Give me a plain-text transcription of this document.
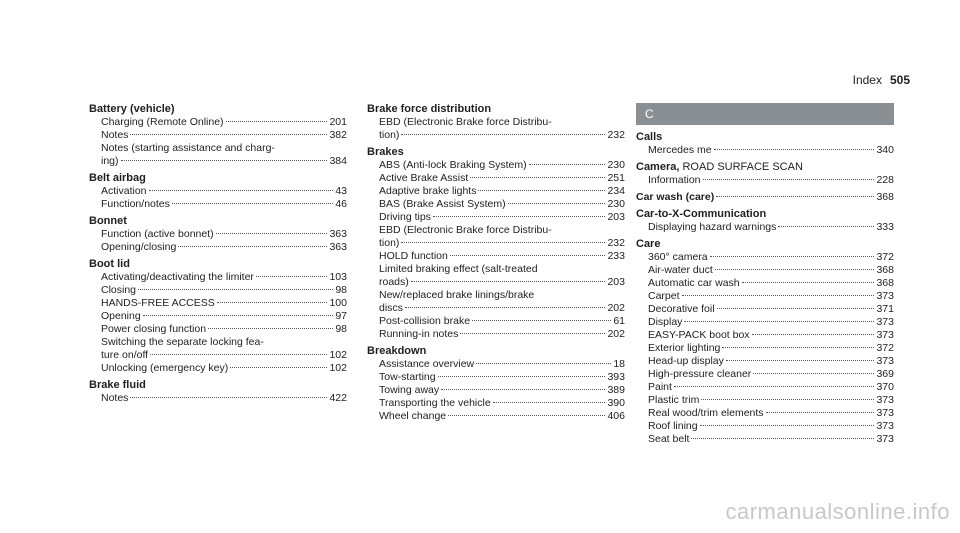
Index 505
Battery (vehicle)
Charging (Remote Online)	201
Notes	382
Notes (starting assistance and charg-
ing)	384
Belt airbag
Activation	43
Function/notes	46
Bonnet
Function (active bonnet)	363
Opening/closing	363
Boot lid
Activating/deactivating the limiter	103
Closing	98
HANDS-FREE ACCESS	100
Opening	97
Power closing function	98
Switching the separate locking fea-
ture on/off	102
Unlocking (emergency key)	102
Brake fluid
Notes	422
Brake force distribution
EBD (Electronic Brake force Distribu-
tion)	232
Brakes
ABS (Anti-lock Braking System)	230
Active Brake Assist	251
Adaptive brake lights	234
BAS (Brake Assist System)	230
Driving tips	203
EBD (Electronic Brake force Distribu-
tion)	232
HOLD function	233
Limited braking effect (salt-treated
roads)	203
New/replaced brake linings/brake
discs	202
Post-collision brake	61
Running-in notes	202
Breakdown
Assistance overview	18
Tow-starting	393
Towing away	389
Transporting the vehicle	390
Wheel change	406
C
Calls
Mercedes me	340
Camera, ROAD SURFACE SCAN
Information	228
Car wash (care)	368
Car-to-X-Communication
Displaying hazard warnings	333
Care
360° camera	372
Air-water duct	368
Automatic car wash	368
Carpet	373
Decorative foil	371
Display	373
EASY-PACK boot box	373
Exterior lighting	372
Head-up display	373
High-pressure cleaner	369
Paint	370
Plastic trim	373
Real wood/trim elements	373
Roof lining	373
Seat belt	373
carmanualsonline.info
